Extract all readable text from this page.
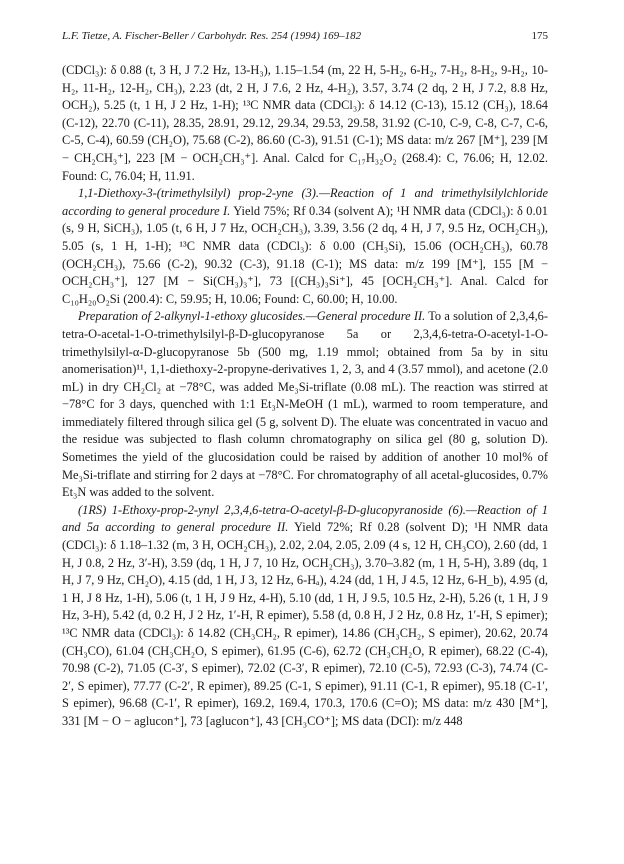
L.F. Tietze, A. Fischer-Beller / Carbohydr. Res. 254 (1994) 169–182	175

(CDCl₃): δ 0.88 (t, 3 H, J 7.2 Hz, 13-H₃), 1.15–1.54 (m, 22 H, 5-H₂, 6-H₂, 7-H₂, 8-H₂, 9-H₂, 10-H₂, 11-H₂, 12-H₂, CH₃), 2.23 (dt, 2 H, J 7.6, 2 Hz, 4-H₂), 3.57, 3.74 (2 dq, 2 H, J 7.2, 8.8 Hz, OCH₂), 5.25 (t, 1 H, J 2 Hz, 1-H); ¹³C NMR data (CDCl₃): δ 14.12 (C-13), 15.12 (CH₃), 18.64 (C-12), 22.70 (C-11), 28.35, 28.91, 29.12, 29.34, 29.53, 29.58, 31.92 (C-10, C-9, C-8, C-7, C-6, C-5, C-4), 60.59 (CH₂O), 75.68 (C-2), 86.60 (C-3), 91.51 (C-1); MS data: m/z 267 [M⁺], 239 [M − CH₂CH₃⁺], 223 [M − OCH₂CH₃⁺]. Anal. Calcd for C₁₇H₃₂O₂ (268.4): C, 76.06; H, 12.02. Found: C, 76.04; H, 11.91.

1,1-Diethoxy-3-(trimethylsilyl) prop-2-yne (3).—Reaction of 1 and trimethylsilylchloride according to general procedure I. Yield 75%; Rf 0.34 (solvent A); ¹H NMR data (CDCl₃): δ 0.01 (s, 9 H, SiCH₃), 1.05 (t, 6 H, J 7 Hz, OCH₂CH₃), 3.39, 3.56 (2 dq, 4 H, J 7, 9.5 Hz, OCH₂CH₃), 5.05 (s, 1 H, 1-H); ¹³C NMR data (CDCl₃): δ 0.00 (CH₃Si), 15.06 (OCH₂CH₃), 60.78 (OCH₂CH₃), 75.66 (C-2), 90.32 (C-3), 91.18 (C-1); MS data: m/z 199 [M⁺], 155 [M − OCH₂CH₃⁺], 127 [M − Si(CH₃)₃⁺], 73 [(CH₃)₃Si⁺], 45 [OCH₂CH₃⁺]. Anal. Calcd for C₁₀H₂₀O₂Si (200.4): C, 59.95; H, 10.06; Found: C, 60.00; H, 10.00.

Preparation of 2-alkynyl-1-ethoxy glucosides.—General procedure II. To a solution of 2,3,4,6-tetra-O-acetal-1-O-trimethylsilyl-β-D-glucopyranose 5a or 2,3,4,6-tetra-O-acetyl-1-O-trimethylsilyl-α-D-glucopyranose 5b (500 mg, 1.19 mmol; obtained from 5a by in situ anomerisation)¹¹, 1,1-diethoxy-2-propyne-derivatives 1, 2, 3, and 4 (3.57 mmol), and acetone (2.0 mL) in dry CH₂Cl₂ at −78°C, was added Me₃Si-triflate (0.08 mL). The reaction was stirred at −78°C for 3 days, quenched with 1:1 Et₃N-MeOH (1 mL), warmed to room temperature, and immediately filtered through silica gel (5 g, solvent D). The eluate was concentrated in vacuo and the residue was subjected to flash column chromatography on silica gel (80 g, solution D). Sometimes the yield of the glucosidation could be raised by addition of another 10 mol% of Me₃Si-triflate and stirring for 2 days at −78°C. For chromatography of all acetal-glucosides, 0.7% Et₃N was added to the solvent.

(1RS) 1-Ethoxy-prop-2-ynyl 2,3,4,6-tetra-O-acetyl-β-D-glucopyranoside (6).—Reaction of 1 and 5a according to general procedure II. Yield 72%; Rf 0.28 (solvent D); ¹H NMR data (CDCl₃): δ 1.18–1.32 (m, 3 H, OCH₂CH₃), 2.02, 2.04, 2.05, 2.09 (4 s, 12 H, CH₃CO), 2.60 (dd, 1 H, J 0.8, 2 Hz, 3′-H), 3.59 (dq, 1 H, J 7, 10 Hz, OCH₂CH₃), 3.70–3.82 (m, 1 H, 5-H), 3.89 (dq, 1 H, J 7, 9 Hz, CH₂O), 4.15 (dd, 1 H, J 3, 12 Hz, 6-Hₐ), 4.24 (dd, 1 H, J 4.5, 12 Hz, 6-H_b), 4.95 (d, 1 H, J 8 Hz, 1-H), 5.06 (t, 1 H, J 9 Hz, 4-H), 5.10 (dd, 1 H, J 9.5, 10.5 Hz, 2-H), 5.26 (t, 1 H, J 9 Hz, 3-H), 5.42 (d, 0.2 H, J 2 Hz, 1′-H, R epimer), 5.58 (d, 0.8 H, J 2 Hz, 0.8 Hz, 1′-H, S epimer); ¹³C NMR data (CDCl₃): δ 14.82 (CH₃CH₂, R epimer), 14.86 (CH₃CH₂, S epimer), 20.62, 20.74 (CH₃CO), 61.04 (CH₃CH₂O, S epimer), 61.95 (C-6), 62.72 (CH₃CH₂O, R epimer), 68.22 (C-4), 70.98 (C-2), 71.05 (C-3′, S epimer), 72.02 (C-3′, R epimer), 72.10 (C-5), 72.93 (C-3), 74.74 (C-2′, S epimer), 77.77 (C-2′, R epimer), 89.25 (C-1, S epimer), 91.11 (C-1, R epimer), 95.18 (C-1′, S epimer), 96.68 (C-1′, R epimer), 169.2, 169.4, 170.3, 170.6 (C=O); MS data: m/z 430 [M⁺], 331 [M − O − aglucon⁺], 73 [aglucon⁺], 43 [CH₃CO⁺]; MS data (DCI): m/z 448
